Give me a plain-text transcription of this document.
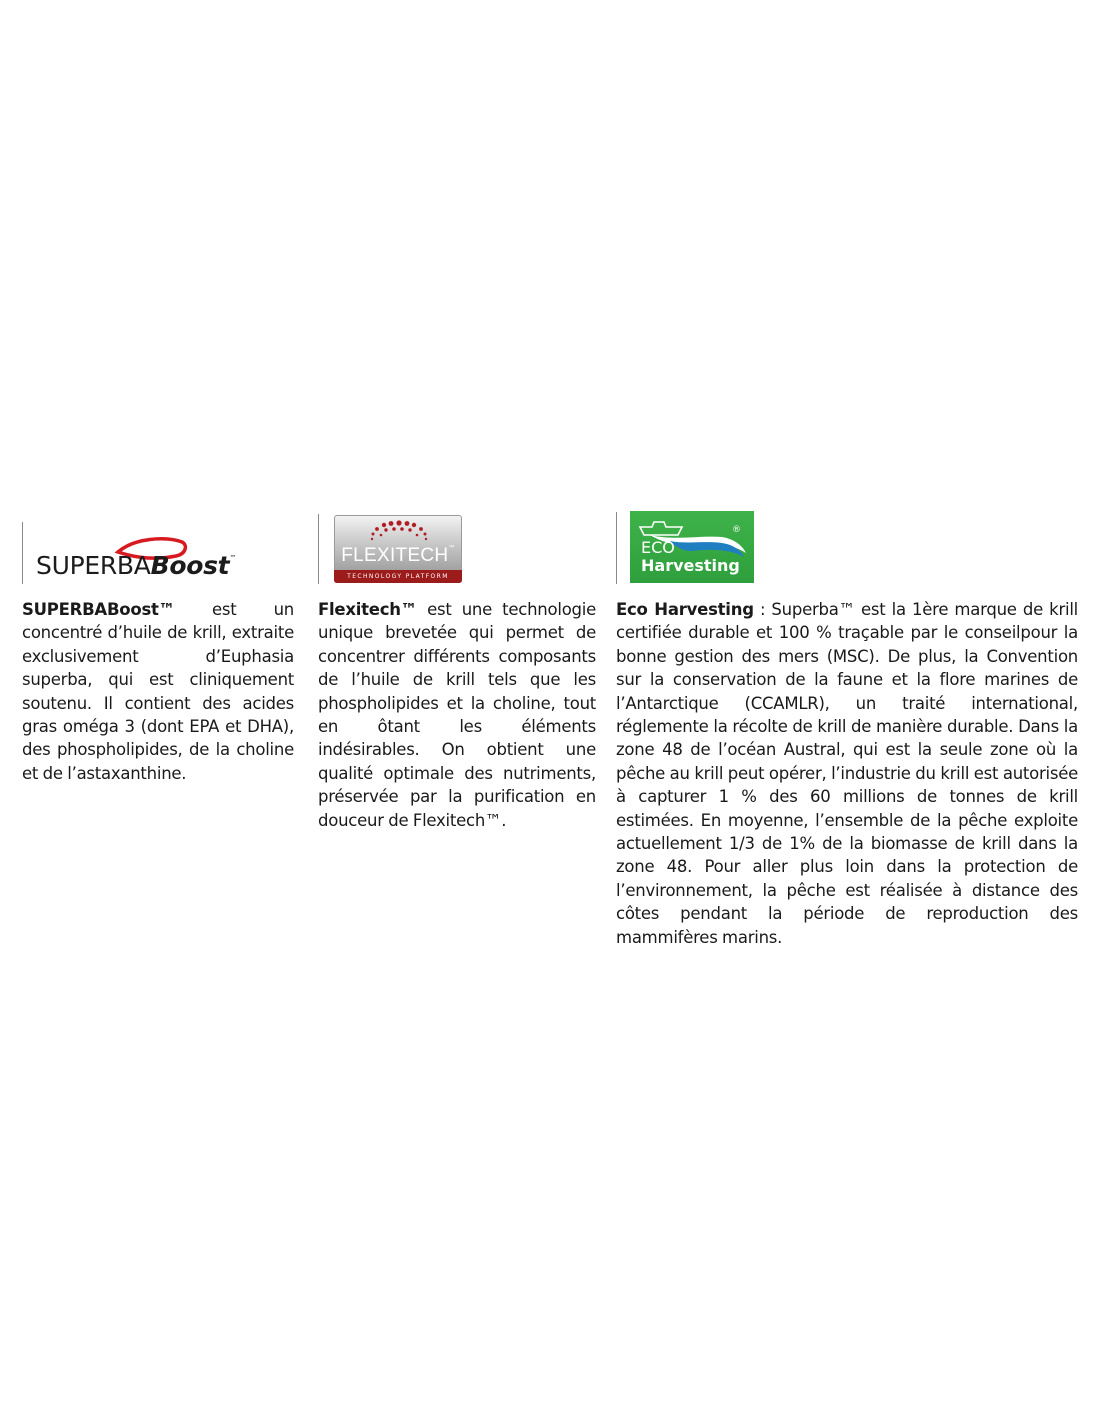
SUPERBABoost™

SUPERBABoost™ est un concentré d’huile de krill, extraite exclusivement d’Euphasia superba, qui est cliniquement soutenu. Il contient des acides gras oméga 3 (dont EPA et DHA), des phospholipides, de la choline et de l’astaxanthine.

FLEXITECH™
TECHNOLOGY PLATFORM

Flexitech™ est une technologie unique brevetée qui permet de concentrer différents composants de l’huile de krill tels que les phospholipides et la choline, tout en ôtant les éléments indésirables. On obtient une qualité optimale des nutriments, préservée par la purification en douceur de Flexitech™.

®
ECO
Harvesting

Eco Harvesting : Superba™ est la 1ère marque de krill certifiée durable et 100 % traçable par le conseilpour la bonne gestion des mers (MSC). De plus, la Convention sur la conservation de la faune et la flore marines de l’Antarctique (CCAMLR), un traité international, réglemente la récolte de krill de manière durable. Dans la zone 48 de l’océan Austral, qui est la seule zone où la pêche au krill peut opérer, l’industrie du krill est autorisée à capturer 1 % des 60 millions de tonnes de krill estimées. En moyenne, l’ensemble de la pêche exploite actuellement 1/3 de 1% de la biomasse de krill dans la zone 48. Pour aller plus loin dans la protection de l’environnement, la pêche est réalisée à distance des côtes pendant la période de reproduction des mammifères marins.
